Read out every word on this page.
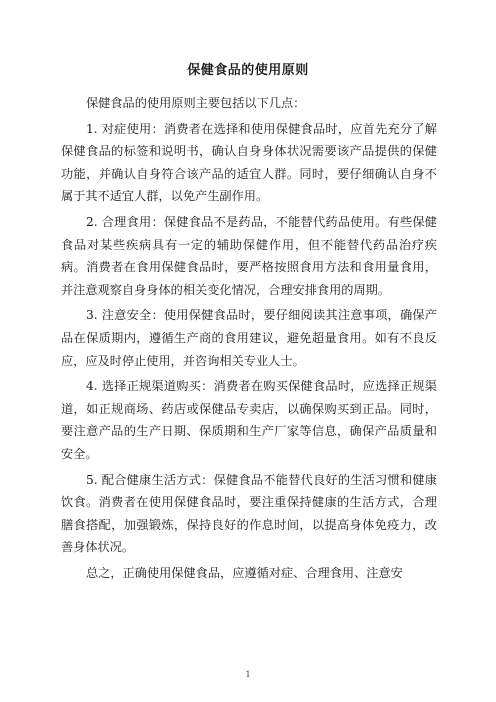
保健食品的使用原则

保健食品的使用原则主要包括以下几点：

1. 对症使用：消费者在选择和使用保健食品时，应首先充分了解保健食品的标签和说明书，确认自身身体状况需要该产品提供的保健功能，并确认自身符合该产品的适宜人群。同时，要仔细确认自身不属于其不适宜人群，以免产生副作用。

2. 合理食用：保健食品不是药品，不能替代药品使用。有些保健食品对某些疾病具有一定的辅助保健作用，但不能替代药品治疗疾病。消费者在食用保健食品时，要严格按照食用方法和食用量食用，并注意观察自身身体的相关变化情况，合理安排食用的周期。

3. 注意安全：使用保健食品时，要仔细阅读其注意事项，确保产品在保质期内，遵循生产商的食用建议，避免超量食用。如有不良反应，应及时停止使用，并咨询相关专业人士。

4. 选择正规渠道购买：消费者在购买保健食品时，应选择正规渠道，如正规商场、药店或保健品专卖店，以确保购买到正品。同时，要注意产品的生产日期、保质期和生产厂家等信息，确保产品质量和安全。

5. 配合健康生活方式：保健食品不能替代良好的生活习惯和健康饮食。消费者在使用保健食品时，要注重保持健康的生活方式，合理膳食搭配，加强锻炼，保持良好的作息时间，以提高身体免疫力，改善身体状况。

总之，正确使用保健食品，应遵循对症、合理食用、注意安

1
